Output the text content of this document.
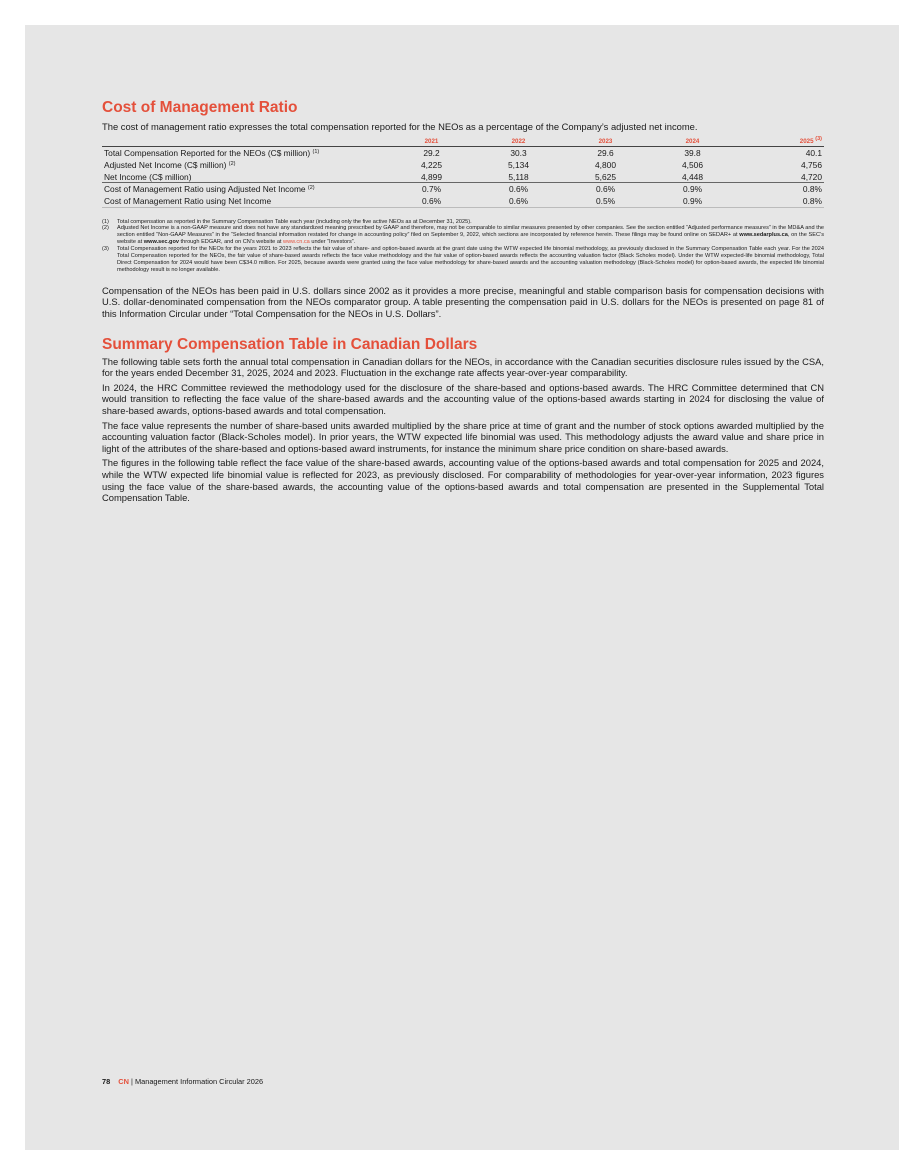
Cost of Management Ratio

The cost of management ratio expresses the total compensation reported for the NEOs as a percentage of the Company’s adjusted net income.

	2021	2022	2023	2024	2025 $^{(3)}$
Total Compensation Reported for the NEOs (C$ million) $^{(1)}$	29.2	30.3	29.6	39.8	40.1
Adjusted Net Income (C$ million) $^{(2)}$	4,225	5,134	4,800	4,506	4,756
Net Income (C$ million)	4,899	5,118	5,625	4,448	4,720
Cost of Management Ratio using Adjusted Net Income $^{(2)}$	0.7%	0.6%	0.6%	0.9%	0.8%
Cost of Management Ratio using Net Income	0.6%	0.6%	0.5%	0.9%	0.8%
(1)	Total compensation as reported in the Summary Compensation Table each year (including only the five active NEOs as at December 31, 2025).
(2)	Adjusted Net Income is a non-GAAP measure and does not have any standardized meaning prescribed by GAAP and therefore, may not be comparable to similar measures presented by other companies. See the section entitled “Adjusted performance measures” in the MD&A and the section entitled “Non-GAAP Measures” in the “Selected financial information restated for change in accounting policy” filed on September 9, 2022, which sections are incorporated by reference herein. These filings may be found online on SEDAR+ at www.sedarplus.ca, on the SEC’s website at www.sec.gov through EDGAR, and on CN’s website at www.cn.ca under “Investors”.
(3)	Total Compensation reported for the NEOs for the years 2021 to 2023 reflects the fair value of share- and option-based awards at the grant date using the WTW expected life binomial methodology, as previously disclosed in the Summary Compensation Table each year. For the 2024 Total Compensation reported for the NEOs, the fair value of share-based awards reflects the face value methodology and the fair value of option-based awards reflects the accounting valuation factor (Black Scholes model). Under the WTW expected-life binomial methodology, Total Direct Compensation for 2024 would have been C$34.0 million. For 2025, because awards were granted using the face value methodology for share-based awards and the accounting valuation methodology (Black-Scholes model) for option-based awards, the expected life binomial methodology result is no longer available.

Compensation of the NEOs has been paid in U.S. dollars since 2002 as it provides a more precise, meaningful and stable comparison basis for compensation decisions with U.S. dollar-denominated compensation from the NEOs comparator group. A table presenting the compensation paid in U.S. dollars for the NEOs is presented on page 81 of this Information Circular under “Total Compensation for the NEOs in U.S. Dollars”.

Summary Compensation Table in Canadian Dollars

The following table sets forth the annual total compensation in Canadian dollars for the NEOs, in accordance with the Canadian securities disclosure rules issued by the CSA, for the years ended December 31, 2025, 2024 and 2023. Fluctuation in the exchange rate affects year-over-year comparability.

In 2024, the HRC Committee reviewed the methodology used for the disclosure of the share-based and options-based awards. The HRC Committee determined that CN would transition to reflecting the face value of the share-based awards and the accounting value of the options-based awards starting in 2024 for disclosing the value of share-based awards, options-based awards and total compensation.

The face value represents the number of share-based units awarded multiplied by the share price at time of grant and the number of stock options awarded multiplied by the accounting valuation factor (Black-Scholes model). In prior years, the WTW expected life binomial was used. This methodology adjusts the award value and share price in light of the attributes of the share-based and options-based award instruments, for instance the minimum share price condition on share-based awards.

The figures in the following table reflect the face value of the share-based awards, accounting value of the options-based awards and total compensation for 2025 and 2024, while the WTW expected life binomial value is reflected for 2023, as previously disclosed. For comparability of methodologies for year-over-year information, 2023 figures using the face value of the share-based awards, the accounting value of the options-based awards and total compensation are presented in the Supplemental Total Compensation Table.

78 CN | Management Information Circular 2026
